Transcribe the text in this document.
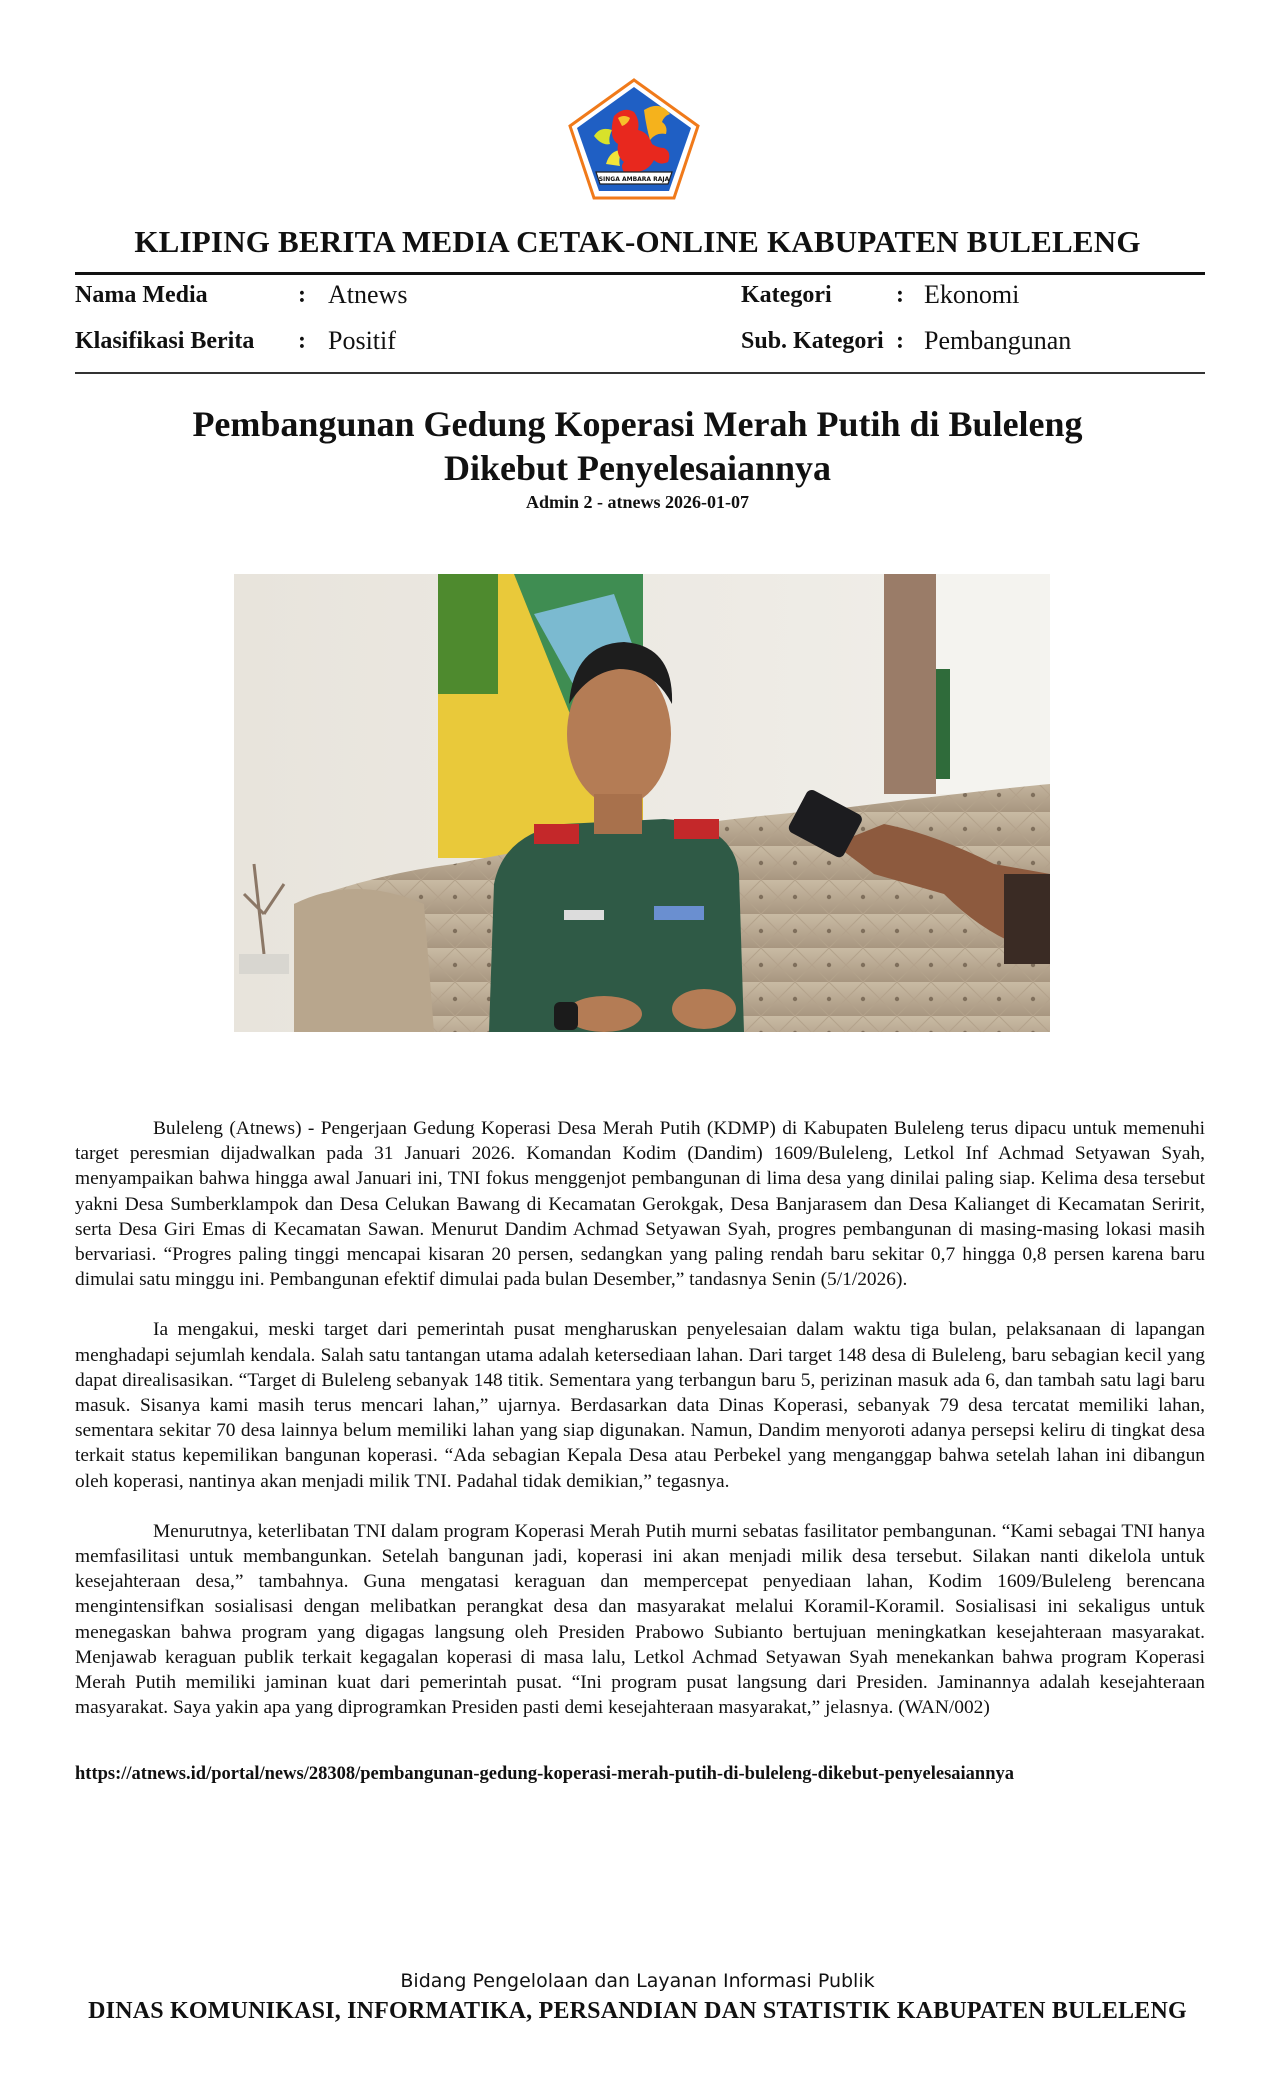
SINGA AMBARA RAJA
KLIPING BERITA MEDIA CETAK-ONLINE KABUPATEN BULELENG
Nama Media	: Atnews
Klasifikasi Berita : Positif
Kategori	: Ekonomi
Sub. Kategori : Pembangunan
Pembangunan Gedung Koperasi Merah Putih di Buleleng
Dikebut Penyelesaiannya
Admin 2 - atnews 2026-01-07

Buleleng (Atnews) - Pengerjaan Gedung Koperasi Desa Merah Putih (KDMP) di Kabupaten Buleleng terus dipacu untuk memenuhi target peresmian dijadwalkan pada 31 Januari 2026. Komandan Kodim (Dandim) 1609/Buleleng, Letkol Inf Achmad Setyawan Syah, menyampaikan bahwa hingga awal Januari ini, TNI fokus menggenjot pembangunan di lima desa yang dinilai paling siap. Kelima desa tersebut yakni Desa Sumberklampok dan Desa Celukan Bawang di Kecamatan Gerokgak, Desa Banjarasem dan Desa Kalianget di Kecamatan Seririt, serta Desa Giri Emas di Kecamatan Sawan. Menurut Dandim Achmad Setyawan Syah, progres pembangunan di masing-masing lokasi masih bervariasi. “Progres paling tinggi mencapai kisaran 20 persen, sedangkan yang paling rendah baru sekitar 0,7 hingga 0,8 persen karena baru dimulai satu minggu ini. Pembangunan efektif dimulai pada bulan Desember,” tandasnya Senin (5/1/2026).

Ia mengakui, meski target dari pemerintah pusat mengharuskan penyelesaian dalam waktu tiga bulan, pelaksanaan di lapangan menghadapi sejumlah kendala. Salah satu tantangan utama adalah ketersediaan lahan. Dari target 148 desa di Buleleng, baru sebagian kecil yang dapat direalisasikan. “Target di Buleleng sebanyak 148 titik. Sementara yang terbangun baru 5, perizinan masuk ada 6, dan tambah satu lagi baru masuk. Sisanya kami masih terus mencari lahan,” ujarnya. Berdasarkan data Dinas Koperasi, sebanyak 79 desa tercatat memiliki lahan, sementara sekitar 70 desa lainnya belum memiliki lahan yang siap digunakan. Namun, Dandim menyoroti adanya persepsi keliru di tingkat desa terkait status kepemilikan bangunan koperasi. “Ada sebagian Kepala Desa atau Perbekel yang menganggap bahwa setelah lahan ini dibangun oleh koperasi, nantinya akan menjadi milik TNI. Padahal tidak demikian,” tegasnya.

Menurutnya, keterlibatan TNI dalam program Koperasi Merah Putih murni sebatas fasilitator pembangunan. “Kami sebagai TNI hanya memfasilitasi untuk membangunkan. Setelah bangunan jadi, koperasi ini akan menjadi milik desa tersebut. Silakan nanti dikelola untuk kesejahteraan desa,” tambahnya. Guna mengatasi keraguan dan mempercepat penyediaan lahan, Kodim 1609/Buleleng berencana mengintensifkan sosialisasi dengan melibatkan perangkat desa dan masyarakat melalui Koramil-Koramil. Sosialisasi ini sekaligus untuk menegaskan bahwa program yang digagas langsung oleh Presiden Prabowo Subianto bertujuan meningkatkan kesejahteraan masyarakat. Menjawab keraguan publik terkait kegagalan koperasi di masa lalu, Letkol Achmad Setyawan Syah menekankan bahwa program Koperasi Merah Putih memiliki jaminan kuat dari pemerintah pusat. “Ini program pusat langsung dari Presiden. Jaminannya adalah kesejahteraan masyarakat. Saya yakin apa yang diprogramkan Presiden pasti demi kesejahteraan masyarakat,” jelasnya. (WAN/002)

https://atnews.id/portal/news/28308/pembangunan-gedung-koperasi-merah-putih-di-buleleng-dikebut-penyelesaiannya
Bidang Pengelolaan dan Layanan Informasi Publik
DINAS KOMUNIKASI, INFORMATIKA, PERSANDIAN DAN STATISTIK KABUPATEN BULELENG
